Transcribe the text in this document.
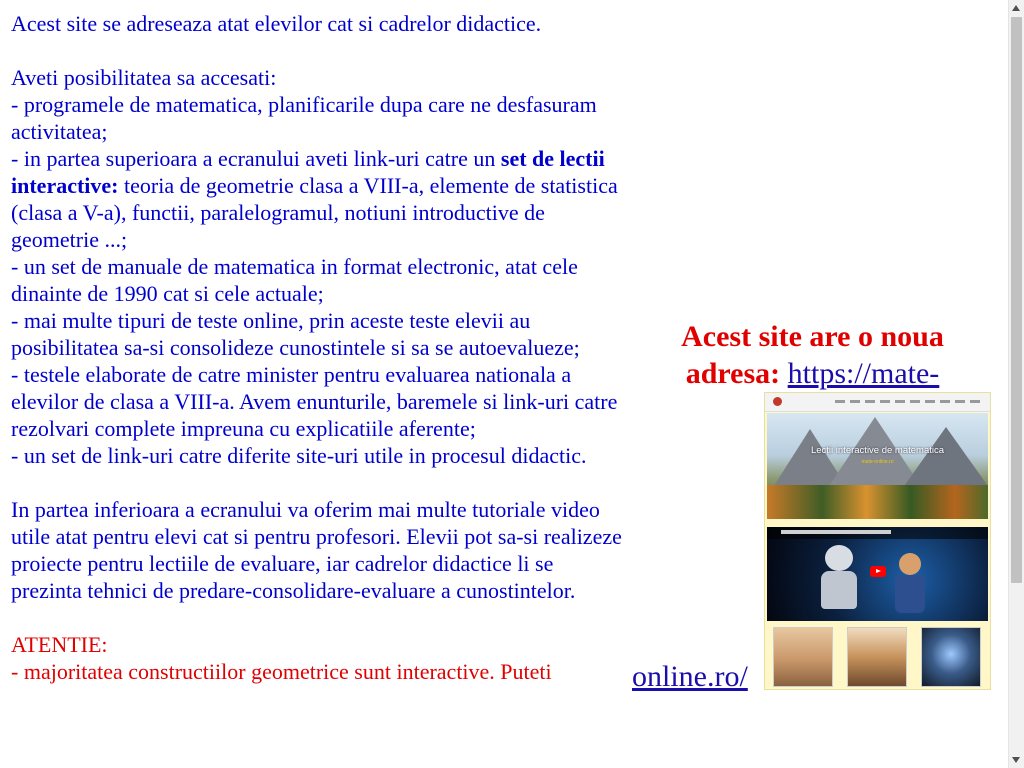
Acest site se adreseaza atat elevilor cat si cadrelor didactice.

Aveti posibilitatea sa accesati:

- programele de matematica, planificarile dupa care ne desfasuram activitatea;

- in partea superioara a ecranului aveti link-uri catre un set de lectii interactive: teoria de geometrie clasa a VIII-a, elemente de statistica (clasa a V-a), functii, paralelogramul, notiuni introductive de geometrie ...;

- un set de manuale de matematica in format electronic, atat cele dinainte de 1990 cat si cele actuale;

- mai multe tipuri de teste online, prin aceste teste elevii au posibilitatea sa-si consolideze cunostintele si sa se autoevalueze;

- testele elaborate de catre minister pentru evaluarea nationala a elevilor de clasa a VIII-a. Avem enunturile, baremele si link-uri catre rezolvari complete impreuna cu explicatiile aferente;

- un set de link-uri catre diferite site-uri utile in procesul didactic.

In partea inferioara a ecranului va oferim mai multe tutoriale video utile atat pentru elevi cat si pentru profesori. Elevii pot sa-si realizeze proiecte pentru lectiile de evaluare, iar cadrelor didactice li se prezinta tehnici de predare-consolidare-evaluare a cunostintelor.

ATENTIE:

- majoritatea constructiilor geometrice sunt interactive. Puteti

Acest site are o noua
adresa: https://mate-
Lecții interactive de matematica
mate-online.ro
online.ro/
